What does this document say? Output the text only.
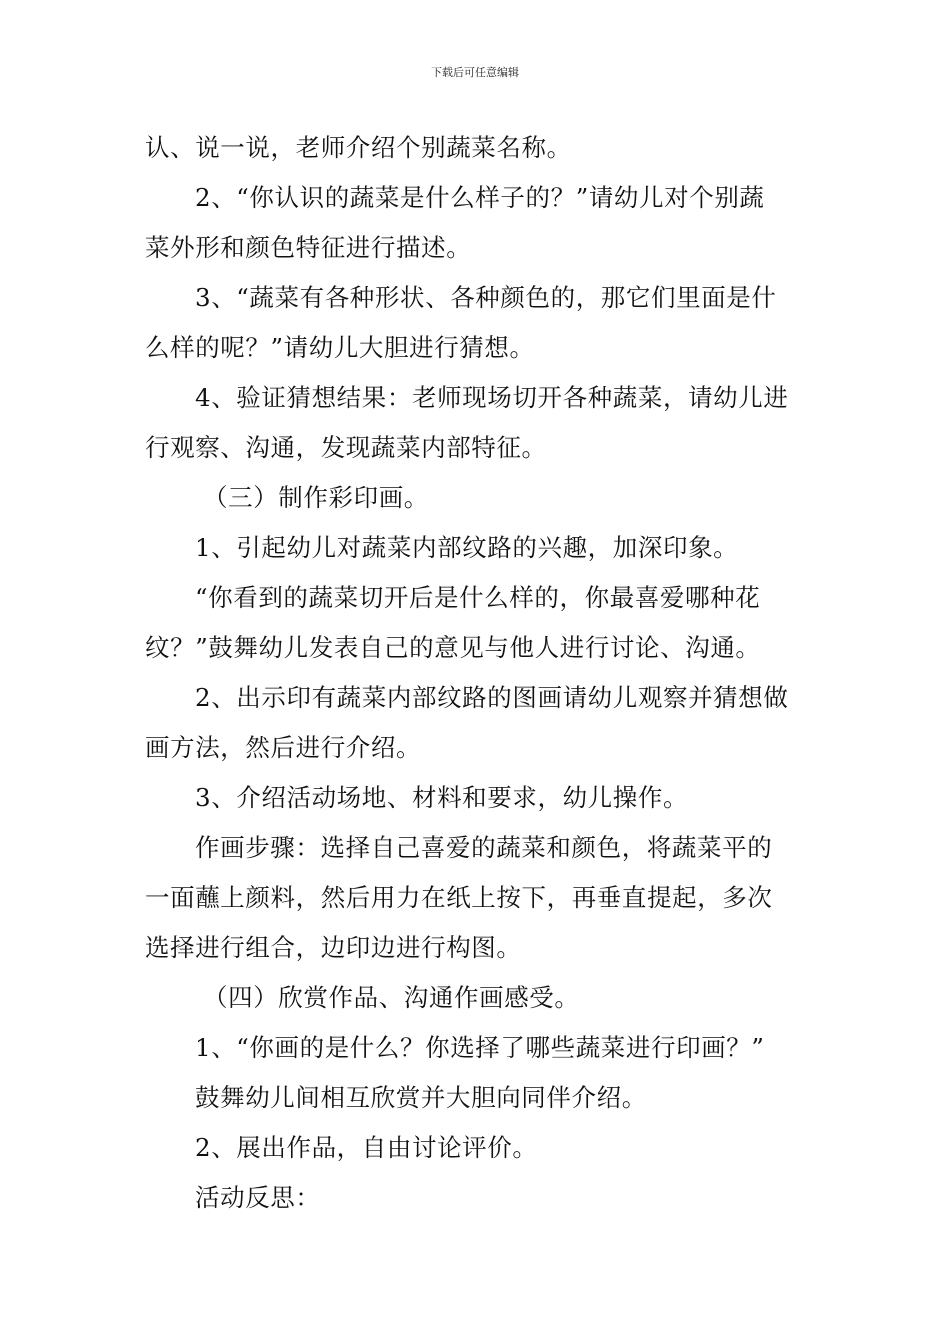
下载后可任意编辑
认、说一说，老师介绍个别蔬菜名称。
2、“你认识的蔬菜是什么样子的？”请幼儿对个别蔬
菜外形和颜色特征进行描述。
3、“蔬菜有各种形状、各种颜色的，那它们里面是什
么样的呢？”请幼儿大胆进行猜想。
4、验证猜想结果：老师现场切开各种蔬菜，请幼儿进
行观察、沟通，发现蔬菜内部特征。
（三）制作彩印画。
1、引起幼儿对蔬菜内部纹路的兴趣，加深印象。
“你看到的蔬菜切开后是什么样的，你最喜爱哪种花
纹？”鼓舞幼儿发表自己的意见与他人进行讨论、沟通。
2、出示印有蔬菜内部纹路的图画请幼儿观察并猜想做
画方法，然后进行介绍。
3、介绍活动场地、材料和要求，幼儿操作。
作画步骤：选择自己喜爱的蔬菜和颜色，将蔬菜平的
一面蘸上颜料，然后用力在纸上按下，再垂直提起，多次
选择进行组合，边印边进行构图。
（四）欣赏作品、沟通作画感受。
1、“你画的是什么？你选择了哪些蔬菜进行印画？”
鼓舞幼儿间相互欣赏并大胆向同伴介绍。
2、展出作品，自由讨论评价。
活动反思：
